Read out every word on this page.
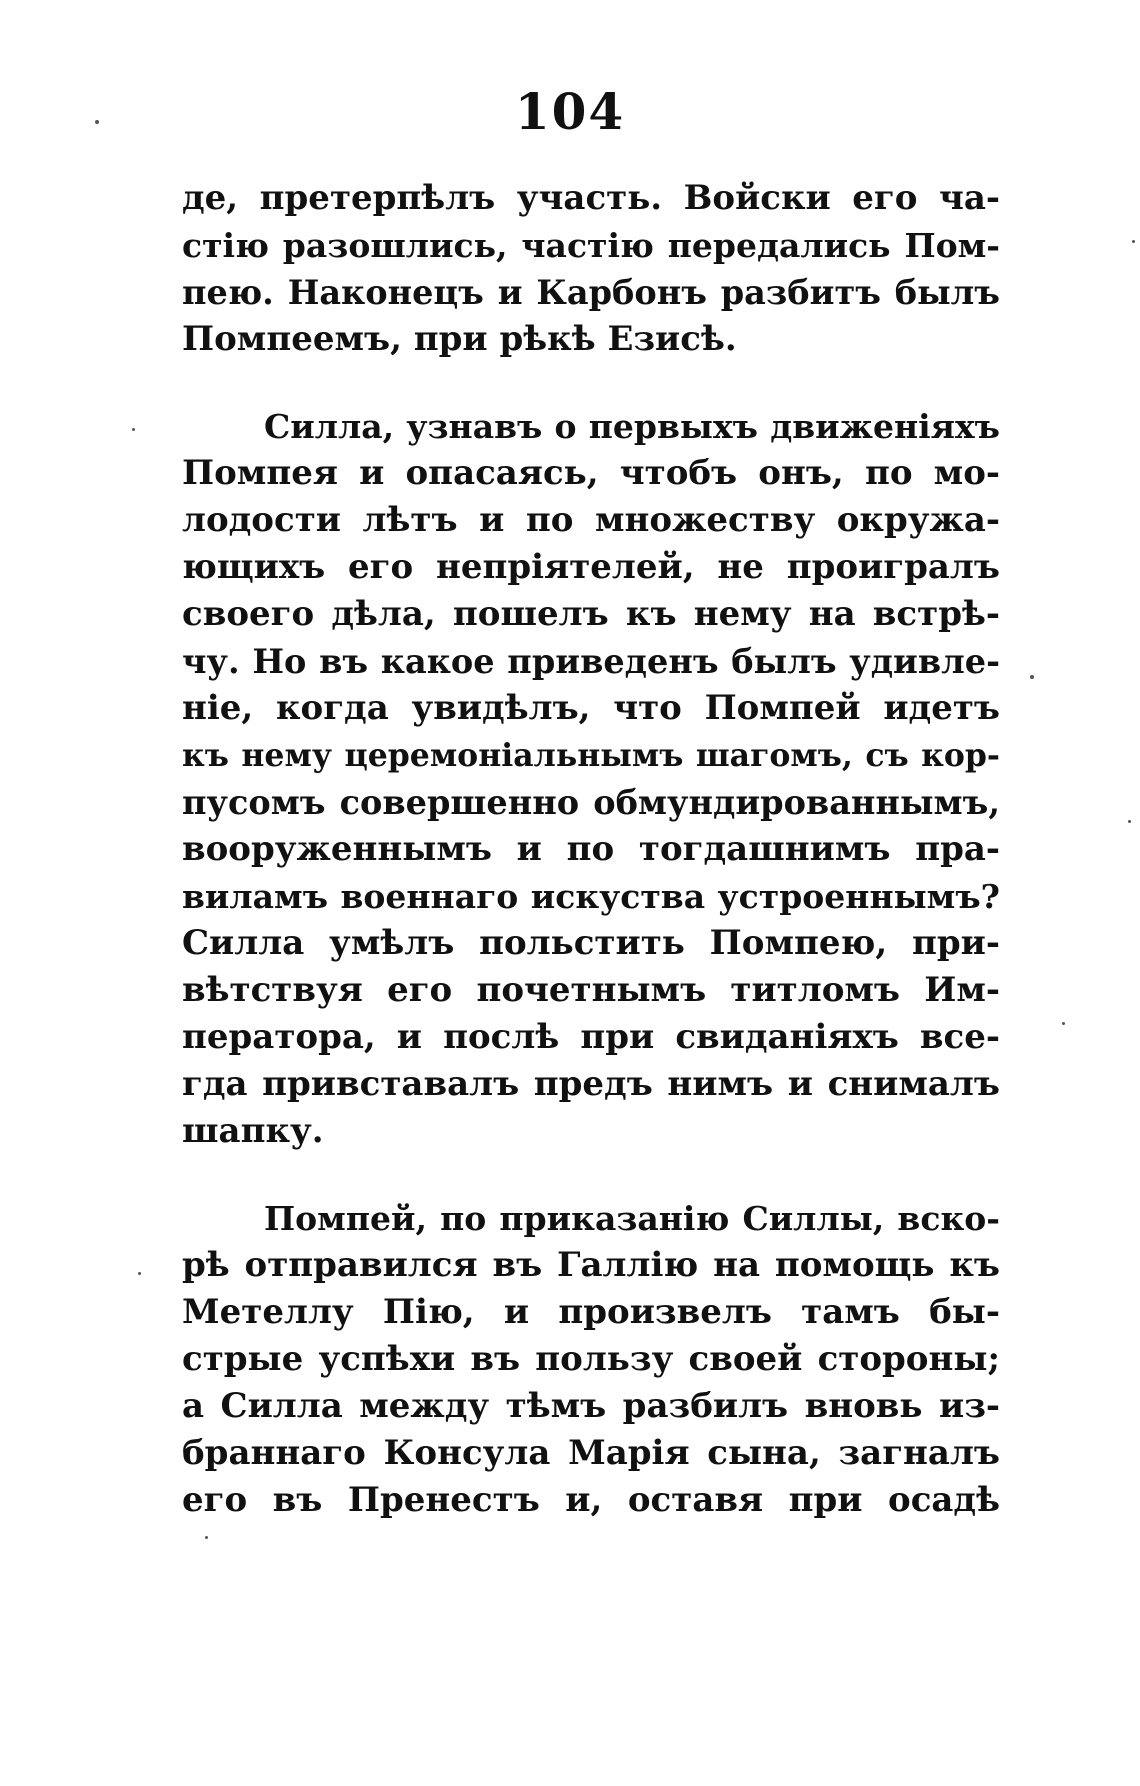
104
де, претерпѣлъ участь. Войски его ча-
стію разошлись, частію передались Пом-
пею. Наконецъ и Карбонъ разбитъ былъ
Помпеемъ, при рѣкѣ Езисѣ.
Силла, узнавъ о первыхъ движеніяхъ
Помпея и опасаясь, чтобъ онъ, по мо-
лодости лѣтъ и по множеству окружа-
ющихъ его непріятелей, не проигралъ
своего дѣла, пошелъ къ нему на встрѣ-
чу. Но въ какое приведенъ былъ удивле-
ніе, когда увидѣлъ, что Помпей идетъ
къ нему церемоніальнымъ шагомъ, съ кор-
пусомъ совершенно обмундированнымъ,
вооруженнымъ и по тогдашнимъ пра-
виламъ военнаго искуства устроеннымъ?
Силла умѣлъ польстить Помпею, при-
вѣтствуя его почетнымъ титломъ Им-
ператора, и послѣ при свиданіяхъ все-
гда привставалъ предъ нимъ и снималъ
шапку.
Помпей, по приказанію Силлы, вско-
рѣ отправился въ Галлію на помощь къ
Метеллу Пію, и произвелъ тамъ бы-
стрые успѣхи въ пользу своей стороны;
а Силла между тѣмъ разбилъ вновь из-
браннаго Консула Марія сына, загналъ
его въ Пренестъ и, оставя при осадѣ
